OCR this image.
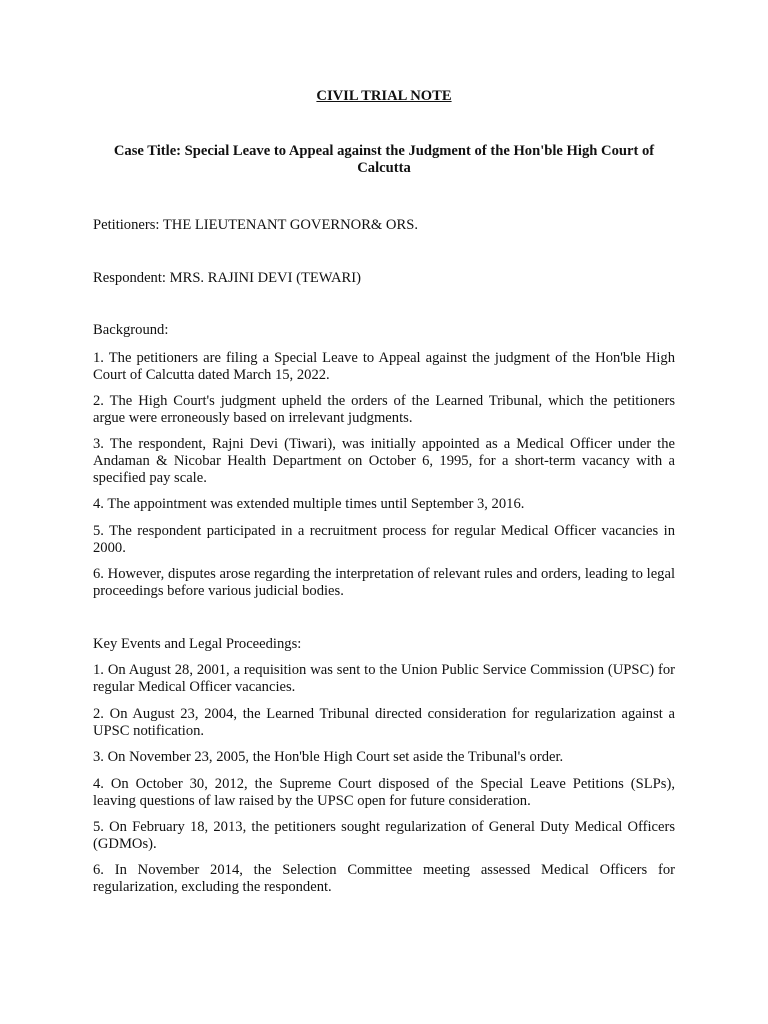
CIVIL TRIAL NOTE
Case Title: Special Leave to Appeal against the Judgment of the Hon'ble High Court of Calcutta

Petitioners: THE LIEUTENANT GOVERNOR& ORS.

Respondent: MRS. RAJINI DEVI (TEWARI)

Background:

1. The petitioners are filing a Special Leave to Appeal against the judgment of the Hon'ble High Court of Calcutta dated March 15, 2022.

2. The High Court's judgment upheld the orders of the Learned Tribunal, which the petitioners argue were erroneously based on irrelevant judgments.

3. The respondent, Rajni Devi (Tiwari), was initially appointed as a Medical Officer under the Andaman & Nicobar Health Department on October 6, 1995, for a short-term vacancy with a specified pay scale.

4. The appointment was extended multiple times until September 3, 2016.

5. The respondent participated in a recruitment process for regular Medical Officer vacancies in 2000.

6. However, disputes arose regarding the interpretation of relevant rules and orders, leading to legal proceedings before various judicial bodies.

Key Events and Legal Proceedings:

1. On August 28, 2001, a requisition was sent to the Union Public Service Commission (UPSC) for regular Medical Officer vacancies.

2. On August 23, 2004, the Learned Tribunal directed consideration for regularization against a UPSC notification.

3. On November 23, 2005, the Hon'ble High Court set aside the Tribunal's order.

4. On October 30, 2012, the Supreme Court disposed of the Special Leave Petitions (SLPs), leaving questions of law raised by the UPSC open for future consideration.

5. On February 18, 2013, the petitioners sought regularization of General Duty Medical Officers (GDMOs).

6. In November 2014, the Selection Committee meeting assessed Medical Officers for regularization, excluding the respondent.
